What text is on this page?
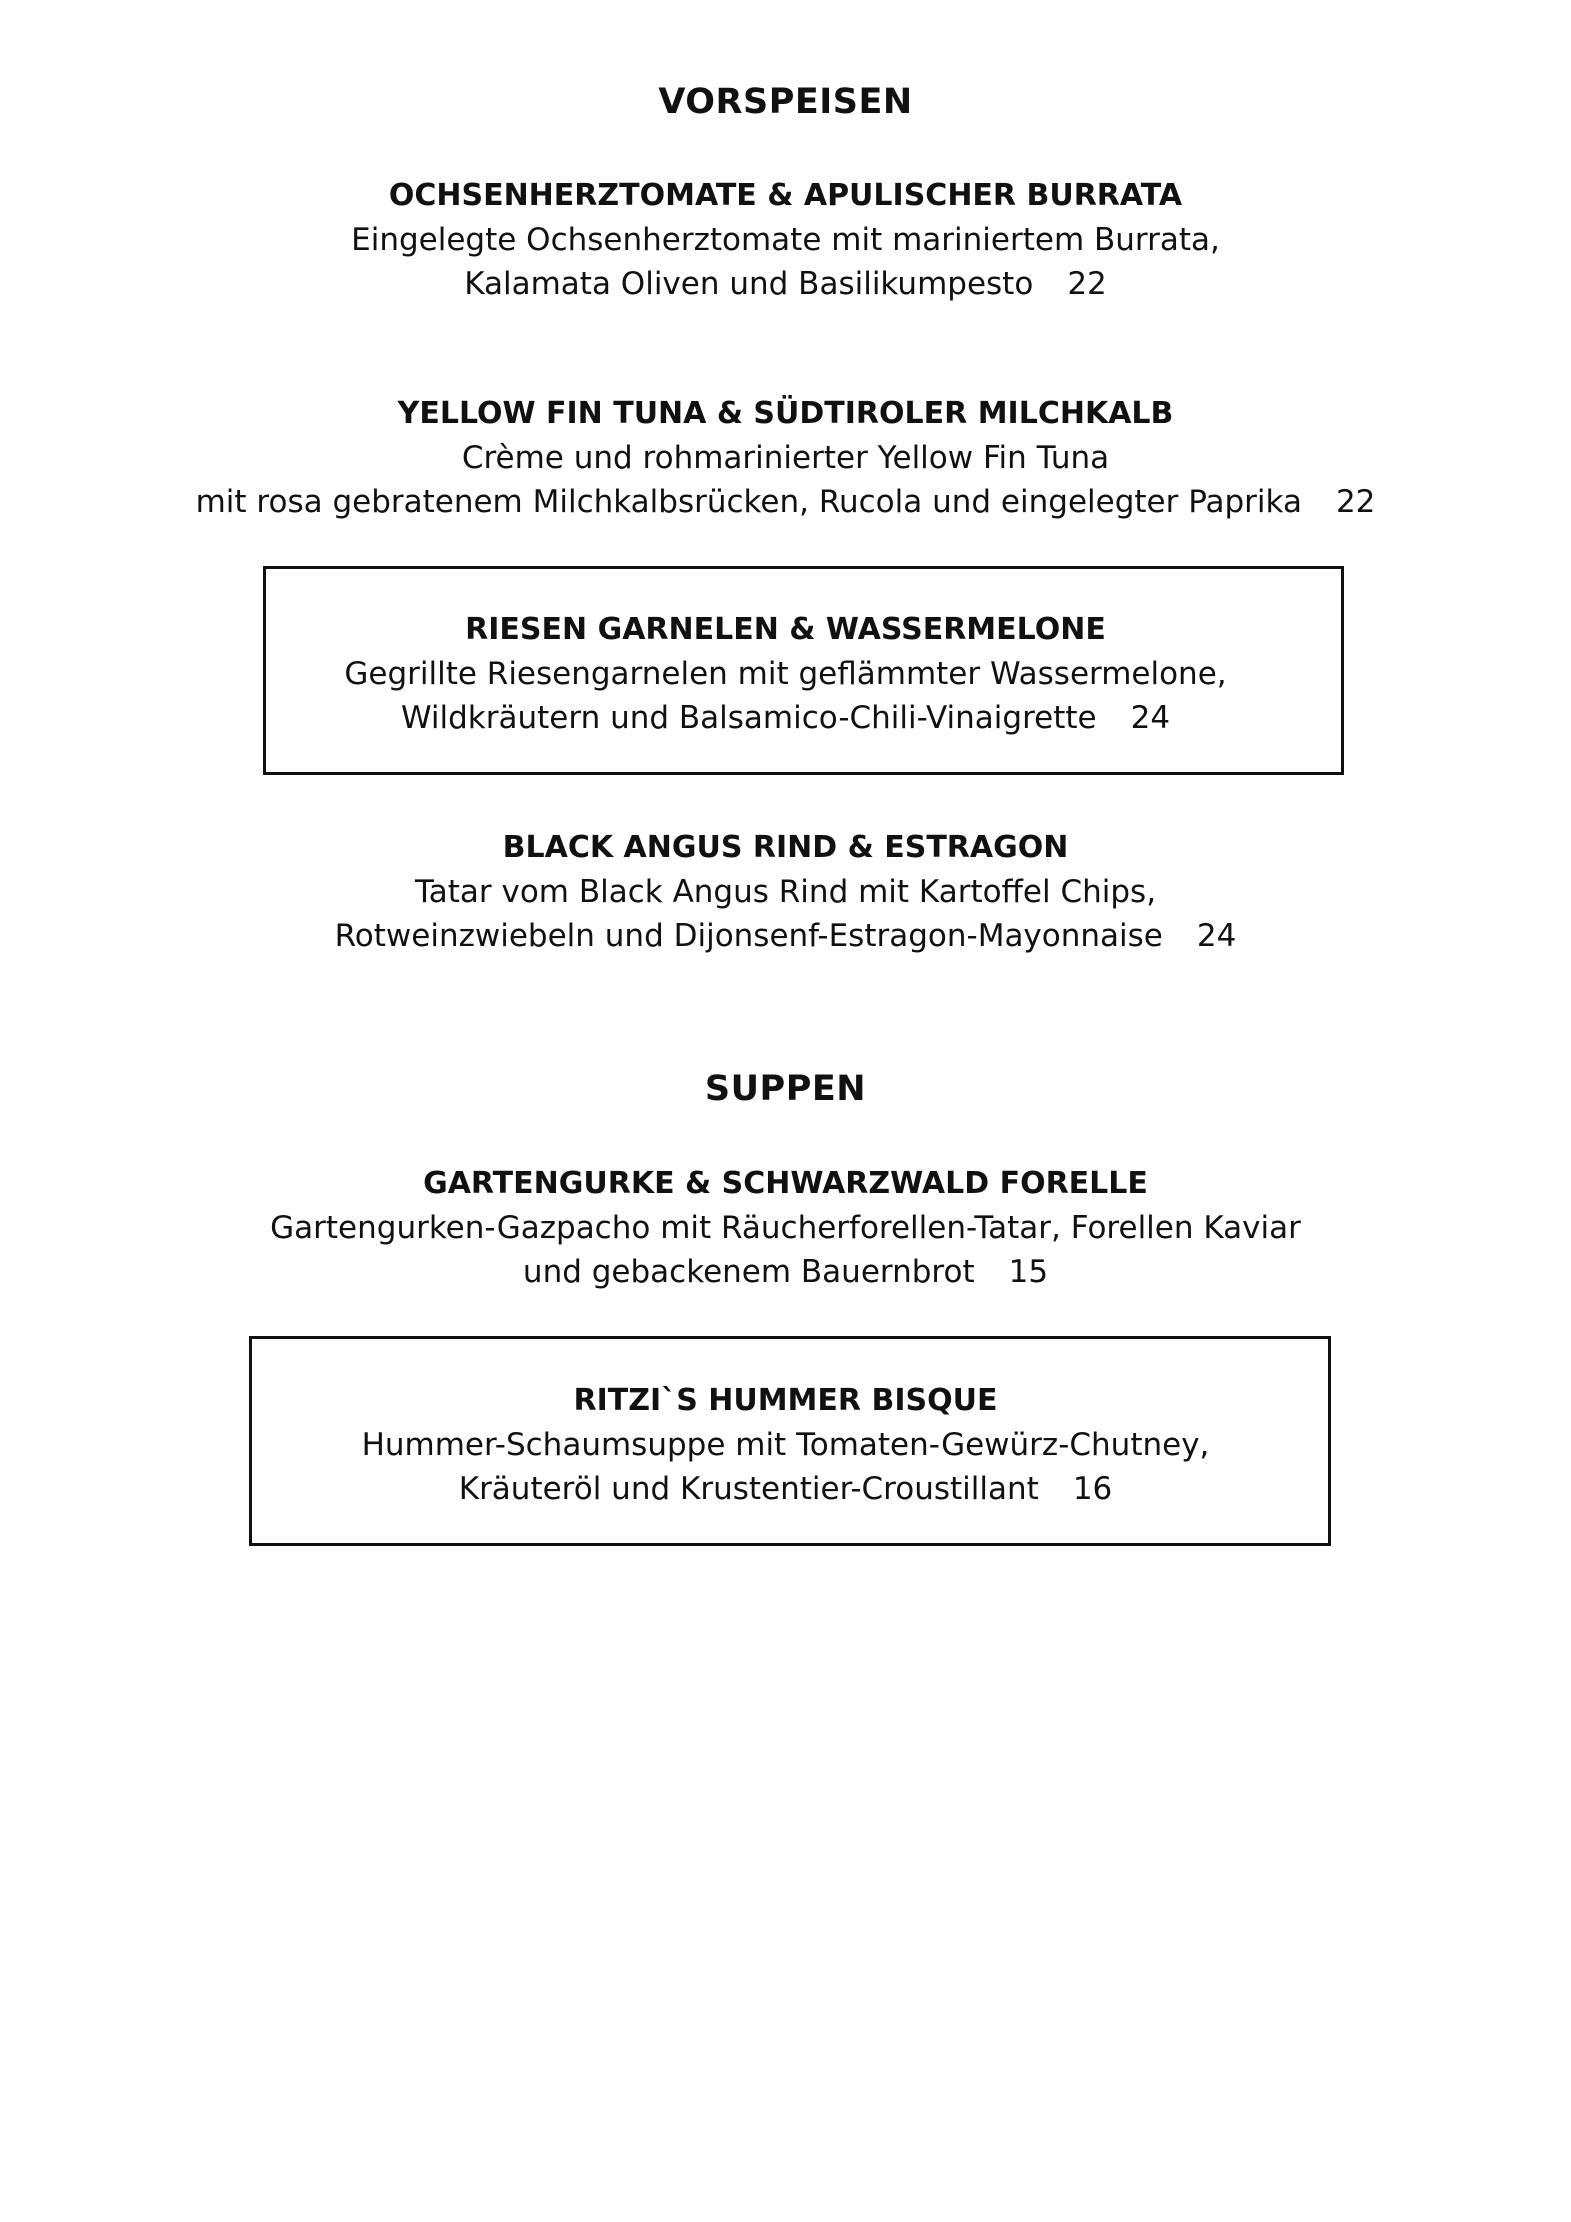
VORSPEISEN
OCHSENHERZTOMATE & APULISCHER BURRATA
Eingelegte Ochsenherztomate mit mariniertem Burrata,
Kalamata Oliven und Basilikumpesto 22
YELLOW FIN TUNA & SÜDTIROLER MILCHKALB
Crème und rohmarinierter Yellow Fin Tuna
mit rosa gebratenem Milchkalbsrücken, Rucola und eingelegter Paprika 22
RIESEN GARNELEN & WASSERMELONE
Gegrillte Riesengarnelen mit geflämmter Wassermelone,
Wildkräutern und Balsamico-Chili-Vinaigrette 24
BLACK ANGUS RIND & ESTRAGON
Tatar vom Black Angus Rind mit Kartoffel Chips,
Rotweinzwiebeln und Dijonsenf-Estragon-Mayonnaise 24
SUPPEN
GARTENGURKE & SCHWARZWALD FORELLE
Gartengurken-Gazpacho mit Räucherforellen-Tatar, Forellen Kaviar
und gebackenem Bauernbrot 15
RITZI`S HUMMER BISQUE
Hummer-Schaumsuppe mit Tomaten-Gewürz-Chutney,
Kräuteröl und Krustentier-Croustillant 16
